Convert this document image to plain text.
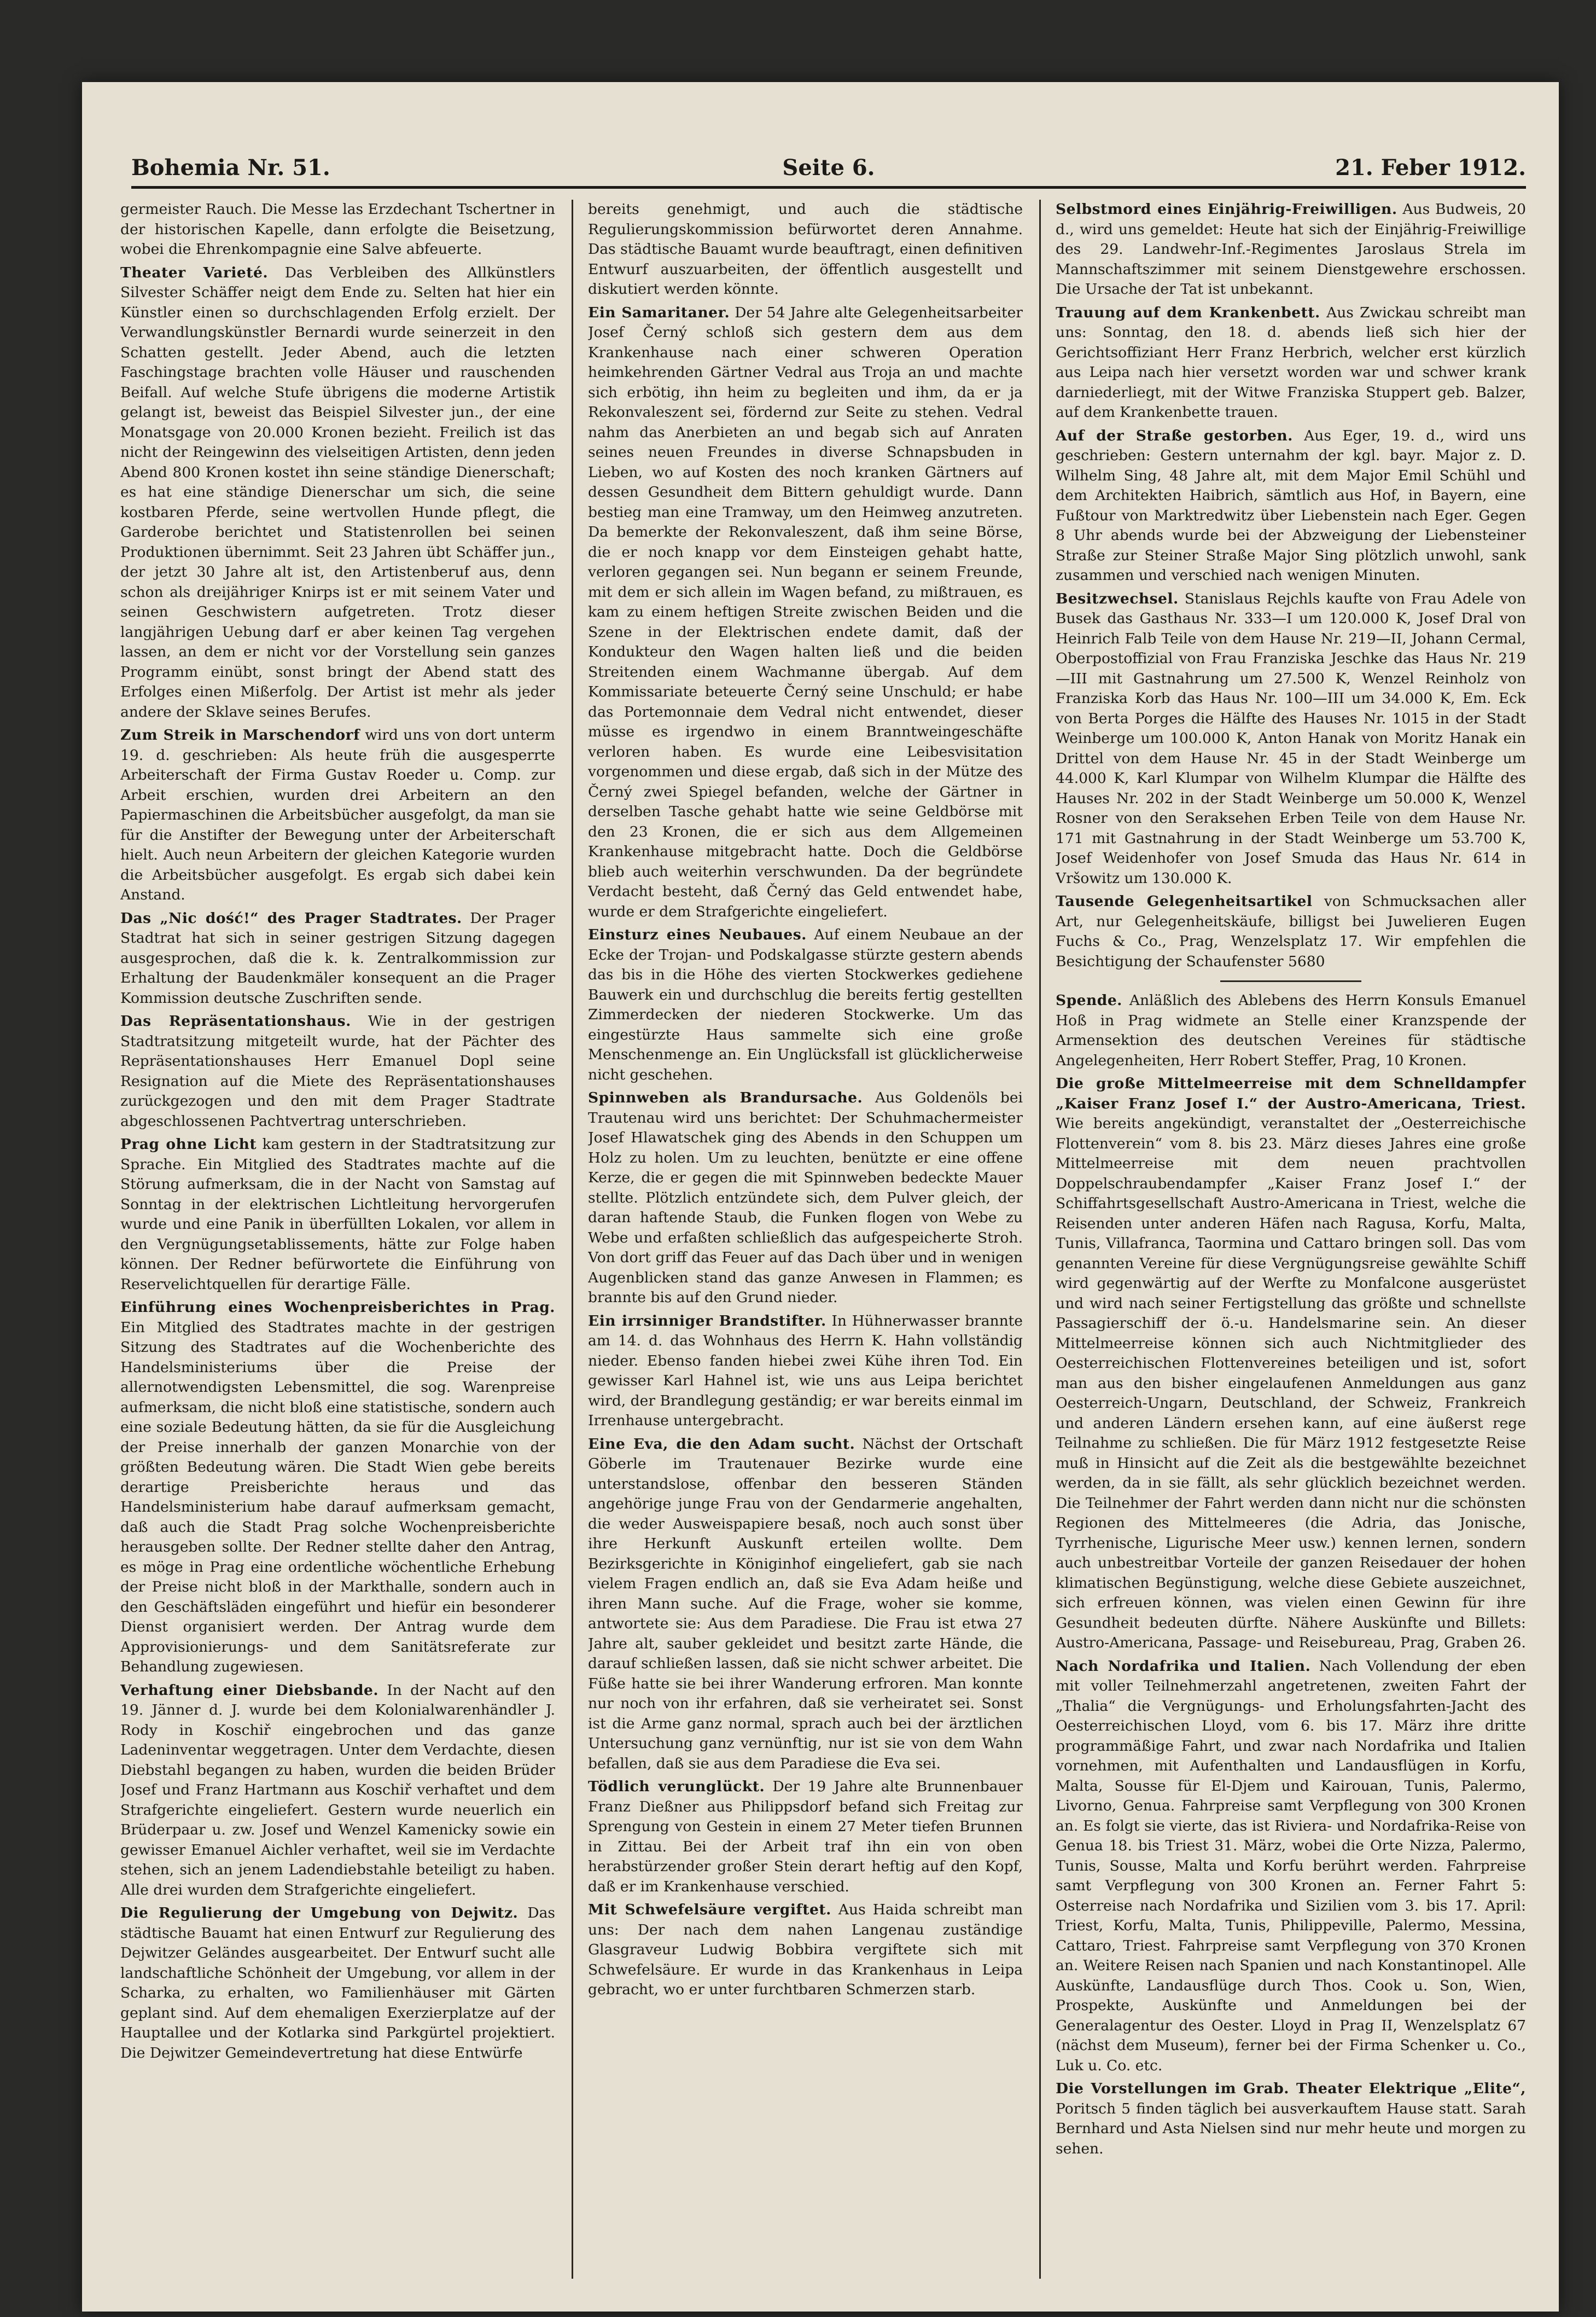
Bohemia Nr. 51.	Seite 6.	21. Feber 1912.

germeister Rauch. Die Messe las Erzdechant Tschertner in der historischen Kapelle, dann erfolgte die Beisetzung, wobei die Ehrenkompagnie eine Salve abfeuerte.

Theater Varieté. Das Verbleiben des Allkünstlers Silvester Schäffer neigt dem Ende zu. Selten hat hier ein Künstler einen so durchschlagenden Erfolg erzielt. Der Verwandlungskünstler Bernardi wurde seinerzeit in den Schatten gestellt. Jeder Abend, auch die letzten Faschingstage brachten volle Häuser und rauschenden Beifall. Auf welche Stufe übrigens die moderne Artistik gelangt ist, beweist das Beispiel Silvester jun., der eine Monatsgage von 20.000 Kronen bezieht. Freilich ist das nicht der Reingewinn des vielseitigen Artisten, denn jeden Abend 800 Kronen kostet ihn seine ständige Dienerschaft; es hat eine ständige Dienerschar um sich, die seine kostbaren Pferde, seine wertvollen Hunde pflegt, die Garderobe berichtet und Statistenrollen bei seinen Produktionen übernimmt. Seit 23 Jahren übt Schäffer jun., der jetzt 30 Jahre alt ist, den Artistenberuf aus, denn schon als dreijähriger Knirps ist er mit seinem Vater und seinen Geschwistern aufgetreten. Trotz dieser langjährigen Uebung darf er aber keinen Tag vergehen lassen, an dem er nicht vor der Vorstellung sein ganzes Programm einübt, sonst bringt der Abend statt des Erfolges einen Mißerfolg. Der Artist ist mehr als jeder andere der Sklave seines Berufes.

Zum Streik in Marschendorf wird uns von dort unterm 19. d. geschrieben: Als heute früh die ausgesperrte Arbeiterschaft der Firma Gustav Roeder u. Comp. zur Arbeit erschien, wurden drei Arbeitern an den Papiermaschinen die Arbeitsbücher ausgefolgt, da man sie für die Anstifter der Bewegung unter der Arbeiterschaft hielt. Auch neun Arbeitern der gleichen Kategorie wurden die Arbeitsbücher ausgefolgt. Es ergab sich dabei kein Anstand.

Das „Nic dość!“ des Prager Stadtrates. Der Prager Stadtrat hat sich in seiner gestrigen Sitzung dagegen ausgesprochen, daß die k. k. Zentralkommission zur Erhaltung der Baudenkmäler konsequent an die Prager Kommission deutsche Zuschriften sende.

Das Repräsentationshaus. Wie in der gestrigen Stadtratsitzung mitgeteilt wurde, hat der Pächter des Repräsentationshauses Herr Emanuel Dopl seine Resignation auf die Miete des Repräsentationshauses zurückgezogen und den mit dem Prager Stadtrate abgeschlossenen Pachtvertrag unterschrieben.

Prag ohne Licht kam gestern in der Stadtratsitzung zur Sprache. Ein Mitglied des Stadtrates machte auf die Störung aufmerksam, die in der Nacht von Samstag auf Sonntag in der elektrischen Lichtleitung hervorgerufen wurde und eine Panik in überfüllten Lokalen, vor allem in den Vergnügungsetablissements, hätte zur Folge haben können. Der Redner befürwortete die Einführung von Reservelichtquellen für derartige Fälle.

Einführung eines Wochenpreisberichtes in Prag. Ein Mitglied des Stadtrates machte in der gestrigen Sitzung des Stadtrates auf die Wochenberichte des Handelsministeriums über die Preise der allernotwendigsten Lebensmittel, die sog. Warenpreise aufmerksam, die nicht bloß eine statistische, sondern auch eine soziale Bedeutung hätten, da sie für die Ausgleichung der Preise innerhalb der ganzen Monarchie von der größten Bedeutung wären. Die Stadt Wien gebe bereits derartige Preisberichte heraus und das Handelsministerium habe darauf aufmerksam gemacht, daß auch die Stadt Prag solche Wochenpreisberichte herausgeben sollte. Der Redner stellte daher den Antrag, es möge in Prag eine ordentliche wöchentliche Erhebung der Preise nicht bloß in der Markthalle, sondern auch in den Geschäftsläden eingeführt und hiefür ein besonderer Dienst organisiert werden. Der Antrag wurde dem Approvisionierungs- und dem Sanitätsreferate zur Behandlung zugewiesen.

Verhaftung einer Diebsbande. In der Nacht auf den 19. Jänner d. J. wurde bei dem Kolonialwarenhändler J. Rody in Koschiř eingebrochen und das ganze Ladeninventar weggetragen. Unter dem Verdachte, diesen Diebstahl begangen zu haben, wurden die beiden Brüder Josef und Franz Hartmann aus Koschiř verhaftet und dem Strafgerichte eingeliefert. Gestern wurde neuerlich ein Brüderpaar u. zw. Josef und Wenzel Kamenicky sowie ein gewisser Emanuel Aichler verhaftet, weil sie im Verdachte stehen, sich an jenem Ladendiebstahle beteiligt zu haben. Alle drei wurden dem Strafgerichte eingeliefert.

Die Regulierung der Umgebung von Dejwitz. Das städtische Bauamt hat einen Entwurf zur Regulierung des Dejwitzer Geländes ausgearbeitet. Der Entwurf sucht alle landschaftliche Schönheit der Umgebung, vor allem in der Scharka, zu erhalten, wo Familienhäuser mit Gärten geplant sind. Auf dem ehemaligen Exerzierplatze auf der Hauptallee und der Kotlarka sind Parkgürtel projektiert. Die Dejwitzer Gemeindevertretung hat diese Entwürfe

bereits genehmigt, und auch die städtische Regulierungskommission befürwortet deren Annahme. Das städtische Bauamt wurde beauftragt, einen definitiven Entwurf auszuarbeiten, der öffentlich ausgestellt und diskutiert werden könnte.

Ein Samaritaner. Der 54 Jahre alte Gelegenheitsarbeiter Josef Černý schloß sich gestern dem aus dem Krankenhause nach einer schweren Operation heimkehrenden Gärtner Vedral aus Troja an und machte sich erbötig, ihn heim zu begleiten und ihm, da er ja Rekonvaleszent sei, fördernd zur Seite zu stehen. Vedral nahm das Anerbieten an und begab sich auf Anraten seines neuen Freundes in diverse Schnapsbuden in Lieben, wo auf Kosten des noch kranken Gärtners auf dessen Gesundheit dem Bittern gehuldigt wurde. Dann bestieg man eine Tramway, um den Heimweg anzutreten. Da bemerkte der Rekonvaleszent, daß ihm seine Börse, die er noch knapp vor dem Einsteigen gehabt hatte, verloren gegangen sei. Nun begann er seinem Freunde, mit dem er sich allein im Wagen befand, zu mißtrauen, es kam zu einem heftigen Streite zwischen Beiden und die Szene in der Elektrischen endete damit, daß der Kondukteur den Wagen halten ließ und die beiden Streitenden einem Wachmanne übergab. Auf dem Kommissariate beteuerte Černý seine Unschuld; er habe das Portemonnaie dem Vedral nicht entwendet, dieser müsse es irgendwo in einem Branntweingeschäfte verloren haben. Es wurde eine Leibesvisitation vorgenommen und diese ergab, daß sich in der Mütze des Černý zwei Spiegel befanden, welche der Gärtner in derselben Tasche gehabt hatte wie seine Geldbörse mit den 23 Kronen, die er sich aus dem Allgemeinen Krankenhause mitgebracht hatte. Doch die Geldbörse blieb auch weiterhin verschwunden. Da der begründete Verdacht besteht, daß Černý das Geld entwendet habe, wurde er dem Strafgerichte eingeliefert.

Einsturz eines Neubaues. Auf einem Neubaue an der Ecke der Trojan- und Podskalgasse stürzte gestern abends das bis in die Höhe des vierten Stockwerkes gediehene Bauwerk ein und durchschlug die bereits fertig gestellten Zimmerdecken der niederen Stockwerke. Um das eingestürzte Haus sammelte sich eine große Menschenmenge an. Ein Unglücksfall ist glücklicherweise nicht geschehen.

Spinnweben als Brandursache. Aus Goldenöls bei Trautenau wird uns berichtet: Der Schuhmachermeister Josef Hlawatschek ging des Abends in den Schuppen um Holz zu holen. Um zu leuchten, benützte er eine offene Kerze, die er gegen die mit Spinnweben bedeckte Mauer stellte. Plötzlich entzündete sich, dem Pulver gleich, der daran haftende Staub, die Funken flogen von Webe zu Webe und erfaßten schließlich das aufgespeicherte Stroh. Von dort griff das Feuer auf das Dach über und in wenigen Augenblicken stand das ganze Anwesen in Flammen; es brannte bis auf den Grund nieder.

Ein irrsinniger Brandstifter. In Hühnerwasser brannte am 14. d. das Wohnhaus des Herrn K. Hahn vollständig nieder. Ebenso fanden hiebei zwei Kühe ihren Tod. Ein gewisser Karl Hahnel ist, wie uns aus Leipa berichtet wird, der Brandlegung geständig; er war bereits einmal im Irrenhause untergebracht.

Eine Eva, die den Adam sucht. Nächst der Ortschaft Göberle im Trautenauer Bezirke wurde eine unterstandslose, offenbar den besseren Ständen angehörige junge Frau von der Gendarmerie angehalten, die weder Ausweispapiere besaß, noch auch sonst über ihre Herkunft Auskunft erteilen wollte. Dem Bezirksgerichte in Königinhof eingeliefert, gab sie nach vielem Fragen endlich an, daß sie Eva Adam heiße und ihren Mann suche. Auf die Frage, woher sie komme, antwortete sie: Aus dem Paradiese. Die Frau ist etwa 27 Jahre alt, sauber gekleidet und besitzt zarte Hände, die darauf schließen lassen, daß sie nicht schwer arbeitet. Die Füße hatte sie bei ihrer Wanderung erfroren. Man konnte nur noch von ihr erfahren, daß sie verheiratet sei. Sonst ist die Arme ganz normal, sprach auch bei der ärztlichen Untersuchung ganz vernünftig, nur ist sie von dem Wahn befallen, daß sie aus dem Paradiese die Eva sei.

Tödlich verunglückt. Der 19 Jahre alte Brunnenbauer Franz Dießner aus Philippsdorf befand sich Freitag zur Sprengung von Gestein in einem 27 Meter tiefen Brunnen in Zittau. Bei der Arbeit traf ihn ein von oben herabstürzender großer Stein derart heftig auf den Kopf, daß er im Krankenhause verschied.

Mit Schwefelsäure vergiftet. Aus Haida schreibt man uns: Der nach dem nahen Langenau zuständige Glasgraveur Ludwig Bobbira vergiftete sich mit Schwefelsäure. Er wurde in das Krankenhaus in Leipa gebracht, wo er unter furchtbaren Schmerzen starb.

Selbstmord eines Einjährig-Freiwilligen. Aus Budweis, 20 d., wird uns gemeldet: Heute hat sich der Einjährig-Freiwillige des 29. Landwehr-Inf.-Regimentes Jaroslaus Strela im Mannschaftszimmer mit seinem Dienstgewehre erschossen. Die Ursache der Tat ist unbekannt.

Trauung auf dem Krankenbett. Aus Zwickau schreibt man uns: Sonntag, den 18. d. abends ließ sich hier der Gerichtsoffiziant Herr Franz Herbrich, welcher erst kürzlich aus Leipa nach hier versetzt worden war und schwer krank darniederliegt, mit der Witwe Franziska Stuppert geb. Balzer, auf dem Krankenbette trauen.

Auf der Straße gestorben. Aus Eger, 19. d., wird uns geschrieben: Gestern unternahm der kgl. bayr. Major z. D. Wilhelm Sing, 48 Jahre alt, mit dem Major Emil Schühl und dem Architekten Haibrich, sämtlich aus Hof, in Bayern, eine Fußtour von Marktredwitz über Liebenstein nach Eger. Gegen 8 Uhr abends wurde bei der Abzweigung der Liebensteiner Straße zur Steiner Straße Major Sing plötzlich unwohl, sank zusammen und verschied nach wenigen Minuten.

Besitzwechsel. Stanislaus Rejchls kaufte von Frau Adele von Busek das Gasthaus Nr. 333—I um 120.000 K, Josef Dral von Heinrich Falb Teile von dem Hause Nr. 219—II, Johann Cermal, Oberpostoffizial von Frau Franziska Jeschke das Haus Nr. 219—III mit Gastnahrung um 27.500 K, Wenzel Reinholz von Franziska Korb das Haus Nr. 100—III um 34.000 K, Em. Eck von Berta Porges die Hälfte des Hauses Nr. 1015 in der Stadt Weinberge um 100.000 K, Anton Hanak von Moritz Hanak ein Drittel von dem Hause Nr. 45 in der Stadt Weinberge um 44.000 K, Karl Klumpar von Wilhelm Klumpar die Hälfte des Hauses Nr. 202 in der Stadt Weinberge um 50.000 K, Wenzel Rosner von den Seraksehen Erben Teile von dem Hause Nr. 171 mit Gastnahrung in der Stadt Weinberge um 53.700 K, Josef Weidenhofer von Josef Smuda das Haus Nr. 614 in Vršowitz um 130.000 K.

Tausende Gelegenheitsartikel von Schmucksachen aller Art, nur Gelegenheitskäufe, billigst bei Juwelieren Eugen Fuchs & Co., Prag, Wenzelsplatz 17. Wir empfehlen die Besichtigung der Schaufenster 5680

Spende. Anläßlich des Ablebens des Herrn Konsuls Emanuel Hoß in Prag widmete an Stelle einer Kranzspende der Armensektion des deutschen Vereines für städtische Angelegenheiten, Herr Robert Steffer, Prag, 10 Kronen.

Die große Mittelmeerreise mit dem Schnelldampfer „Kaiser Franz Josef I.“ der Austro-Americana, Triest. Wie bereits angekündigt, veranstaltet der „Oesterreichische Flottenverein“ vom 8. bis 23. März dieses Jahres eine große Mittelmeerreise mit dem neuen prachtvollen Doppelschraubendampfer „Kaiser Franz Josef I.“ der Schiffahrtsgesellschaft Austro-Americana in Triest, welche die Reisenden unter anderen Häfen nach Ragusa, Korfu, Malta, Tunis, Villafranca, Taormina und Cattaro bringen soll. Das vom genannten Vereine für diese Vergnügungsreise gewählte Schiff wird gegenwärtig auf der Werfte zu Monfalcone ausgerüstet und wird nach seiner Fertigstellung das größte und schnellste Passagierschiff der ö.-u. Handelsmarine sein. An dieser Mittelmeerreise können sich auch Nichtmitglieder des Oesterreichischen Flottenvereines beteiligen und ist, sofort man aus den bisher eingelaufenen Anmeldungen aus ganz Oesterreich-Ungarn, Deutschland, der Schweiz, Frankreich und anderen Ländern ersehen kann, auf eine äußerst rege Teilnahme zu schließen. Die für März 1912 festgesetzte Reise muß in Hinsicht auf die Zeit als die bestgewählte bezeichnet werden, da in sie fällt, als sehr glücklich bezeichnet werden. Die Teilnehmer der Fahrt werden dann nicht nur die schönsten Regionen des Mittelmeeres (die Adria, das Jonische, Tyrrhenische, Ligurische Meer usw.) kennen lernen, sondern auch unbestreitbar Vorteile der ganzen Reisedauer der hohen klimatischen Begünstigung, welche diese Gebiete auszeichnet, sich erfreuen können, was vielen einen Gewinn für ihre Gesundheit bedeuten dürfte. Nähere Auskünfte und Billets: Austro-Americana, Passage- und Reisebureau, Prag, Graben 26.

Nach Nordafrika und Italien. Nach Vollendung der eben mit voller Teilnehmerzahl angetretenen, zweiten Fahrt der „Thalia“ die Vergnügungs- und Erholungsfahrten-Jacht des Oesterreichischen Lloyd, vom 6. bis 17. März ihre dritte programmäßige Fahrt, und zwar nach Nordafrika und Italien vornehmen, mit Aufenthalten und Landausflügen in Korfu, Malta, Sousse für El-Djem und Kairouan, Tunis, Palermo, Livorno, Genua. Fahrpreise samt Verpflegung von 300 Kronen an. Es folgt sie vierte, das ist Riviera- und Nordafrika-Reise von Genua 18. bis Triest 31. März, wobei die Orte Nizza, Palermo, Tunis, Sousse, Malta und Korfu berührt werden. Fahrpreise samt Verpflegung von 300 Kronen an. Ferner Fahrt 5: Osterreise nach Nordafrika und Sizilien vom 3. bis 17. April: Triest, Korfu, Malta, Tunis, Philippeville, Palermo, Messina, Cattaro, Triest. Fahrpreise samt Verpflegung von 370 Kronen an. Weitere Reisen nach Spanien und nach Konstantinopel. Alle Auskünfte, Landausflüge durch Thos. Cook u. Son, Wien, Prospekte, Auskünfte und Anmeldungen bei der Generalagentur des Oester. Lloyd in Prag II, Wenzelsplatz 67 (nächst dem Museum), ferner bei der Firma Schenker u. Co., Luk u. Co. etc.

Die Vorstellungen im Grab. Theater Elektrique „Elite“, Poritsch 5 finden täglich bei ausverkauftem Hause statt. Sarah Bernhard und Asta Nielsen sind nur mehr heute und morgen zu sehen.
